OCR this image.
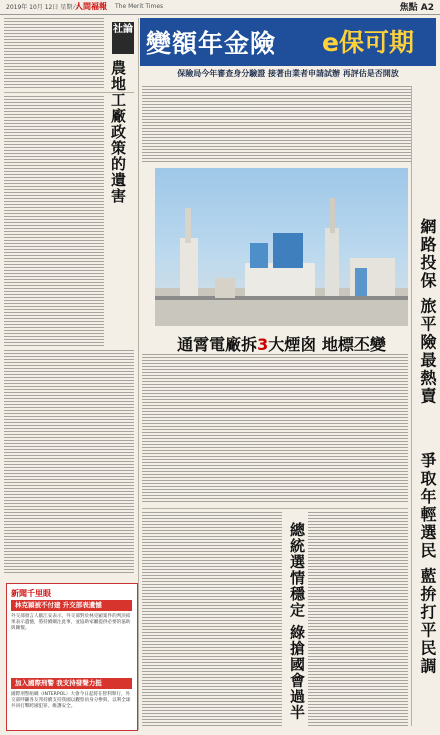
2019年 10月 12日 星期六
人間福報 The Merit Times	焦點 A2
社論
農地工廠政策的遺害
變額年金險 e保可期
保險局今年審查身分驗證 接著由業者申請試辦 再評估是否開放
網路投保 旅平險最熱賣
爭取年輕選民 藍拚打平民調
通霄電廠拆3大煙囪 地標丕變
總統選情穩定 綠搶國會過半
新聞千里眼
林克穎被不付建 升交部表遺憾
外交部發言人歐江安表示，外交部對於林克穎案件的判決結果表示遺憾，將持續關注此事，並協助家屬提供必要的協助與關懷。
加入國際刑警 我支持發聲力挺
國際刑警組織（INTERPOL）大會今日起將在智利舉行，外交部呼籲各友邦持續支持我國以觀察員身分參與，以利全球共同打擊跨國犯罪，維護安全。
